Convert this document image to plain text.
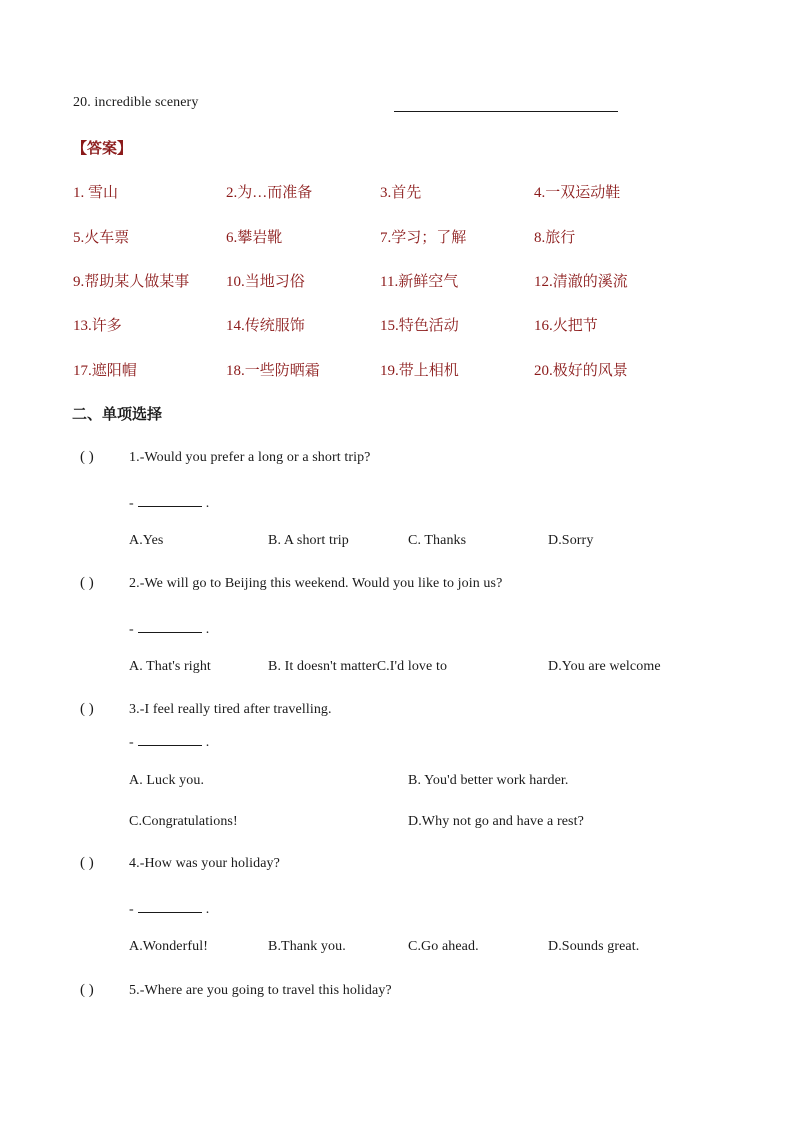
20. incredible scenery
【答案】
1. 雪山	2.为…而准备	3.首先	4.一双运动鞋
5.火车票	6.攀岩靴	7.学习；了解	8.旅行
9.帮助某人做某事 10.当地习俗	11.新鲜空气	12.清澈的溪流
13.许多	14.传统服饰	15.特色活动	16.火把节
17.遮阳帽	18.一些防晒霜	19.带上相机	20.极好的风景
二、单项选择
( )	1.-Would you prefer a long or a short trip?
-	.
A.Yes	B. A short trip	C. Thanks	D.Sorry
( )	2.-We will go to Beijing this weekend. Would you like to join us?
-	.
A. That's right	B. It doesn't matterC.I'd love to	D.You are welcome
( )	3.-I feel really tired after travelling.
-	.
A. Luck you.	B. You'd better work harder.
C.Congratulations!	D.Why not go and have a rest?
( )	4.-How was your holiday?
-	.
A.Wonderful!	B.Thank you.	C.Go ahead.	D.Sounds great.
( )	5.-Where are you going to travel this holiday?
